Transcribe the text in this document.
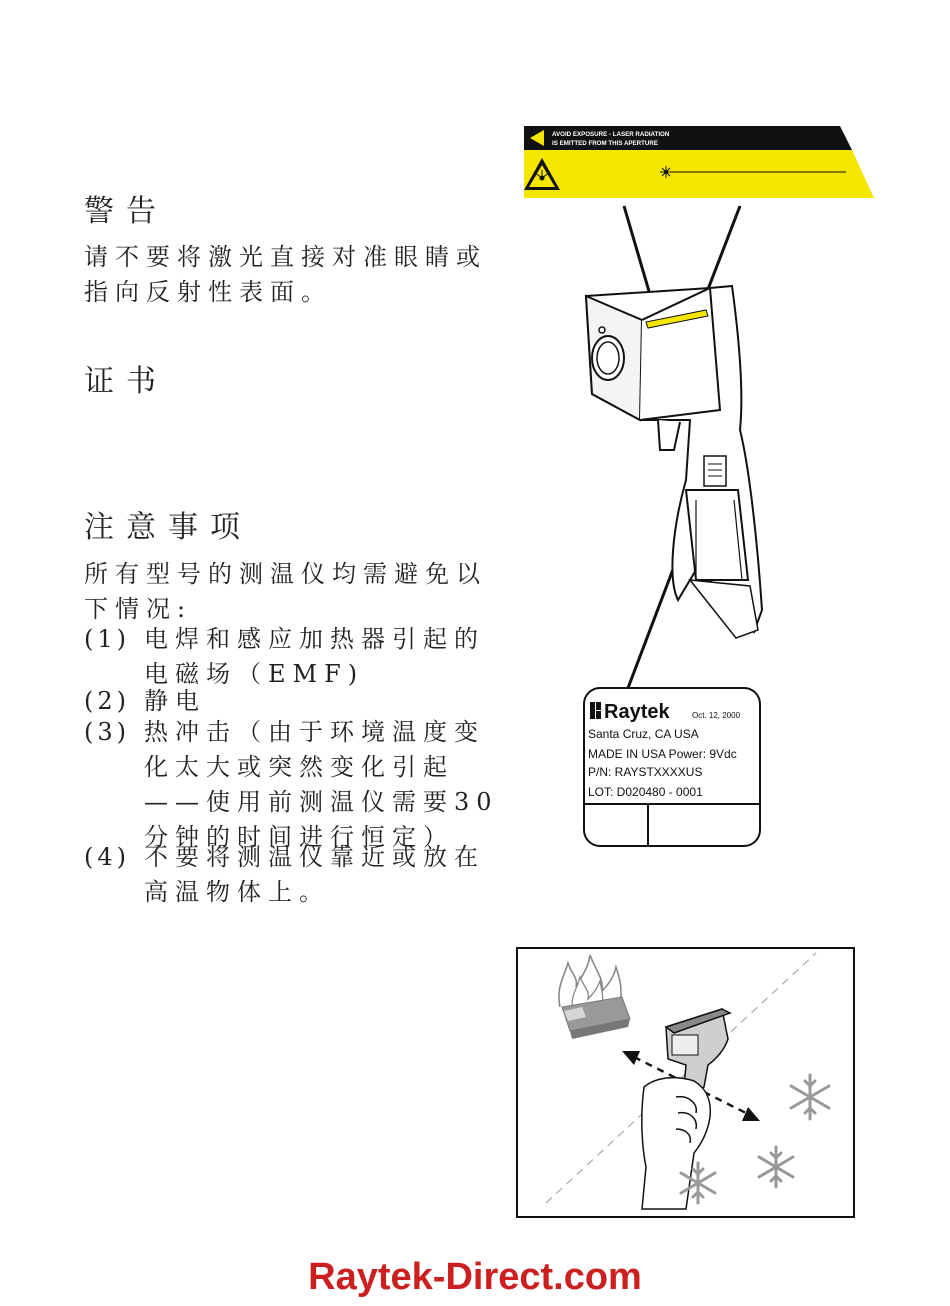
警告
请不要将激光直接对准眼睛或
指向反射性表面。
证书
注意事项
所有型号的测温仪均需避免以
下情况:
(1) 电焊和感应加热器引起的
电磁场（EMF)
(2) 静电
(3) 热冲击（由于环境温度变
化太大或突然变化引起
——使用前测温仪需要30
分钟的时间进行恒定）
(4) 不要将测温仪靠近或放在
高温物体上。
AVOID EXPOSURE - LASER RADIATION
IS EMITTED FROM THIS APERTURE
Raytek	Oct. 12, 2000
Santa Cruz, CA USA
MADE IN USA Power: 9Vdc
P/N: RAYSTXXXXUS
LOT: D020480 - 0001
Raytek-Direct.com
